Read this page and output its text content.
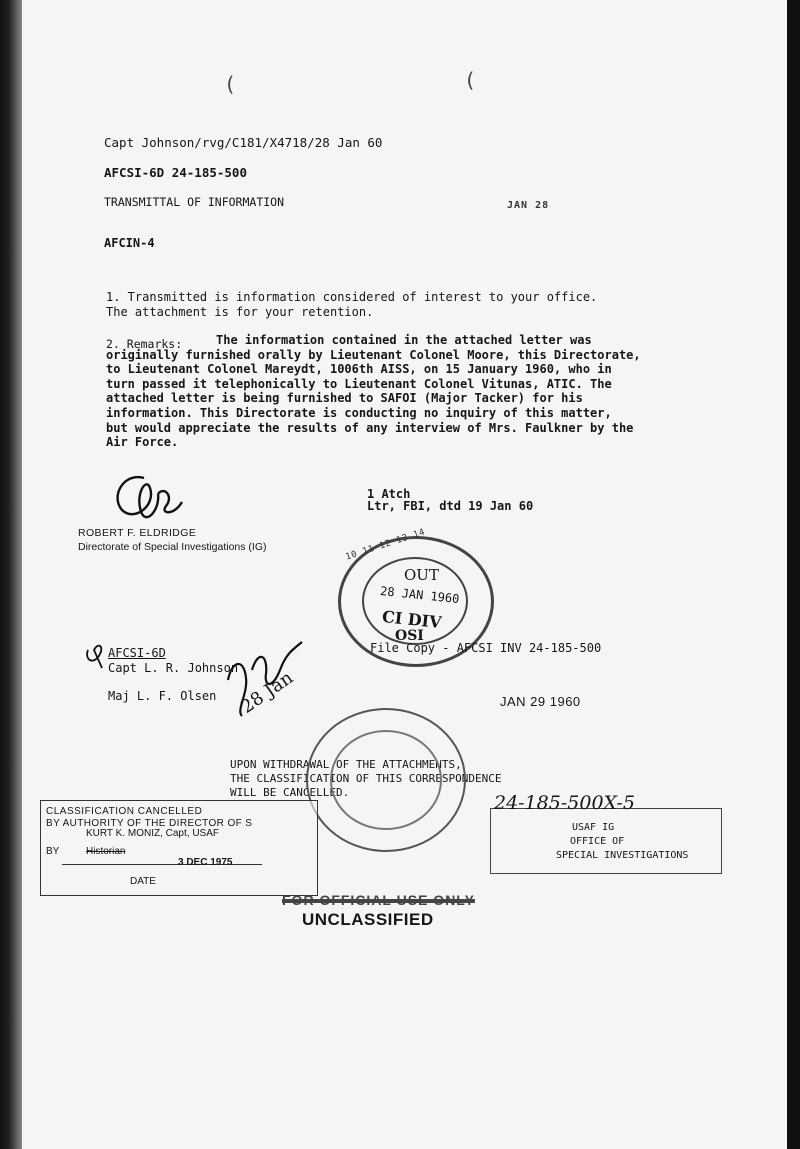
(	(
Capt Johnson/rvg/C181/X4718/28 Jan 60
AFCSI-6D 24-185-500
TRANSMITTAL OF INFORMATION	JAN 28
AFCIN-4
1. Transmitted is information considered of interest to your office.
The attachment is for your retention.
2. Remarks:	The information contained in the attached letter was
originally furnished orally by Lieutenant Colonel Moore, this Directorate,
to Lieutenant Colonel Mareydt, 1006th AISS, on 15 January 1960, who in
turn passed it telephonically to Lieutenant Colonel Vitunas, ATIC. The
attached letter is being furnished to SAFOI (Major Tacker) for his
information. This Directorate is conducting no inquiry of this matter,
but would appreciate the results of any interview of Mrs. Faulkner by the
Air Force.
ROBERT F. ELDRIDGE
Directorate of Special Investigations (IG)
1 Atch
Ltr, FBI, dtd 19 Jan 60
10 11 12 13 14
OUT
28 JAN 1960
CI DIV
OSI
AFCSI-6D
Capt L. R. Johnson
Maj L. F. Olsen 28 Jan
File Copy - AFCSI INV 24-185-500
JAN 29 1960
UPON WITHDRAWAL OF THE ATTACHMENTS,
THE CLASSIFICATION OF THIS CORRESPONDENCE
WILL BE CANCELLED.
CLASSIFICATION CANCELLED
BY AUTHORITY OF THE DIRECTOR OF S
KURT K. MONIZ, Capt, USAF
BY	Historian
3 DEC 1975
DATE
24-185-500X-5
USAF IG
OFFICE OF
SPECIAL INVESTIGATIONS
FOR OFFICIAL USE ONLY
UNCLASSIFIED
